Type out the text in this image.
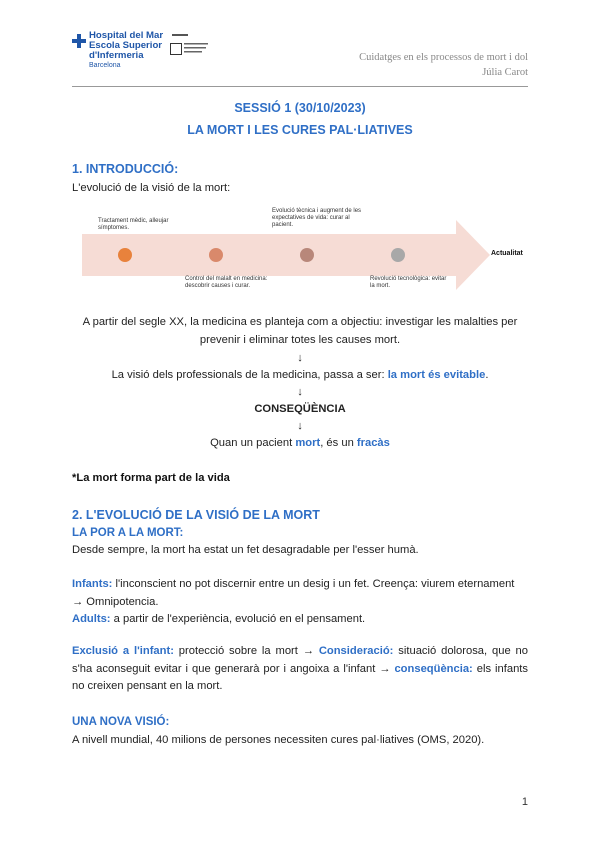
Hospital del Mar
Escola Superior
d'Infermeria
Barcelona
Cuidatges en els processos de mort i dol
Júlia Carot
SESSIÓ 1 (30/10/2023)
LA MORT I LES CURES PAL·LIATIVES
1. INTRODUCCIÓ:
L'evolució de la visió de la mort:
Tractament mèdic, alleujar símptomes.
Evolució tècnica i augment de les expectatives de vida: curar al pacient.
Control del malalt en medicina: descobrir causes i curar.
Revolució tecnològica: evitar la mort.
Actualitat
A partir del segle XX, la medicina es planteja com a objectiu: investigar les malalties per prevenir i eliminar totes les causes mort.
↓
La visió dels professionals de la medicina, passa a ser: la mort és evitable.
↓
CONSEQÜÈNCIA
↓
Quan un pacient mort, és un fracàs
*La mort forma part de la vida
2. L'EVOLUCIÓ DE LA VISIÓ DE LA MORT
LA POR A LA MORT:
Desde sempre, la mort ha estat un fet desagradable per l'esser humà.
Infants: l'inconscient no pot discernir entre un desig i un fet. Creença: viurem eternament → Omnipotencia.
Adults: a partir de l'experiència, evolució en el pensament.
Exclusió a l'infant: protecció sobre la mort → Consideració: situació dolorosa, que no s'ha aconseguit evitar i que generarà por i angoixa a l'infant → conseqüència: els infants no creixen pensant en la mort.
UNA NOVA VISIÓ:
A nivell mundial, 40 milions de persones necessiten cures pal·liatives (OMS, 2020).
1
